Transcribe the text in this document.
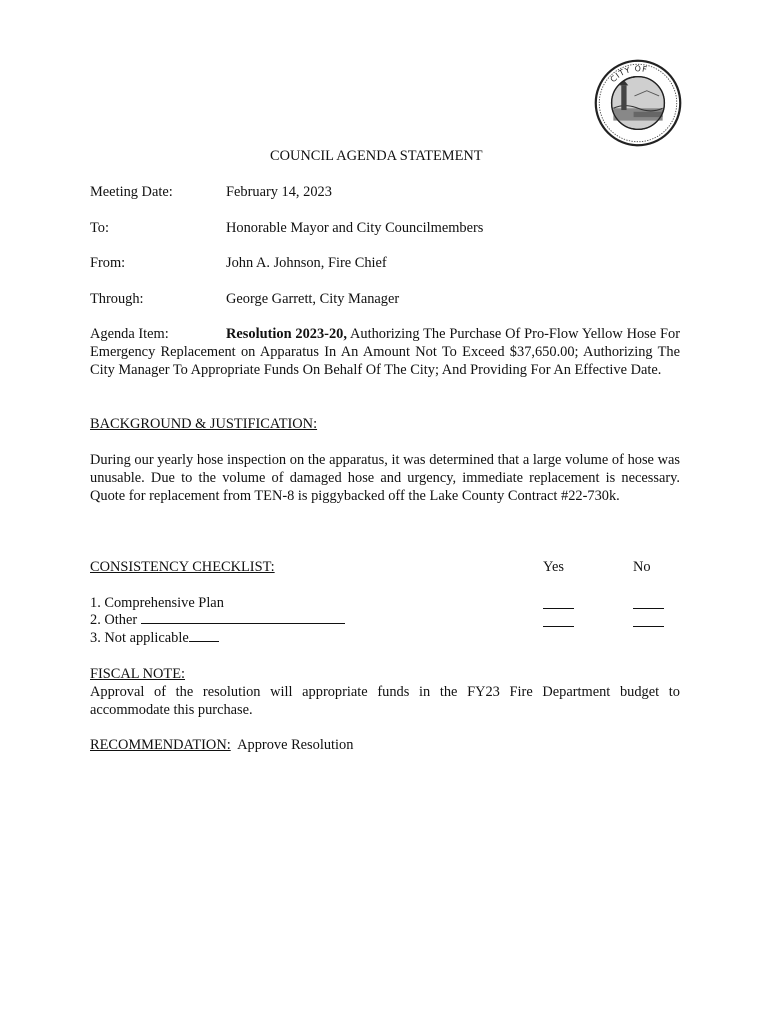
CITY OF
COUNCIL AGENDA STATEMENT
Meeting Date:	February 14, 2023
To:	Honorable Mayor and City Councilmembers
From:	John A. Johnson, Fire Chief
Through:	George Garrett, City Manager
Agenda Item:	Resolution 2023-20, Authorizing The Purchase Of Pro-Flow Yellow Hose For Emergency Replacement on Apparatus In An Amount Not To Exceed $37,650.00; Authorizing The City Manager To Appropriate Funds On Behalf Of The City; And Providing For An Effective Date.
BACKGROUND & JUSTIFICATION:
During our yearly hose inspection on the apparatus, it was determined that a large volume of hose was unusable. Due to the volume of damaged hose and urgency, immediate replacement is necessary. Quote for replacement from TEN-8 is piggybacked off the Lake County Contract #22-730k.
CONSISTENCY CHECKLIST:	Yes	No
1. Comprehensive Plan
2. Other
3. Not applicable
FISCAL NOTE:
Approval of the resolution will appropriate funds in the FY23 Fire Department budget to accommodate this purchase.
RECOMMENDATION: Approve Resolution
